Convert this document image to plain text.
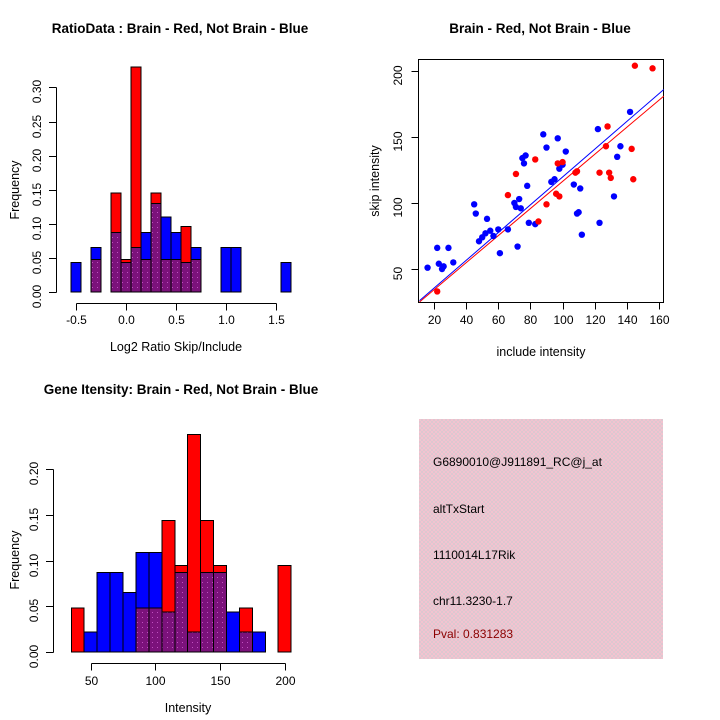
0.00
0.05
0.10
0.15
0.20
0.25
0.30
-0.5	0.0	0.5	1.0	1.5	20 40 60 80 100 120 140 160
50
100
150
200
0.00
0.05
0.10
0.15
0.20
50	100	150	200
RatioData : Brain - Red, Not Brain - Blue	Brain - Red, Not Brain - Blue
Gene Itensity: Brain - Red, Not Brain - Blue
Log2 Ratio Skip/Include
Frequency
include intensity
skip intensity
Intensity
Frequency
G6890010@J911891_RC@j_at
altTxStart
1110014L17Rik
chr11.3230-1.7
Pval: 0.831283
